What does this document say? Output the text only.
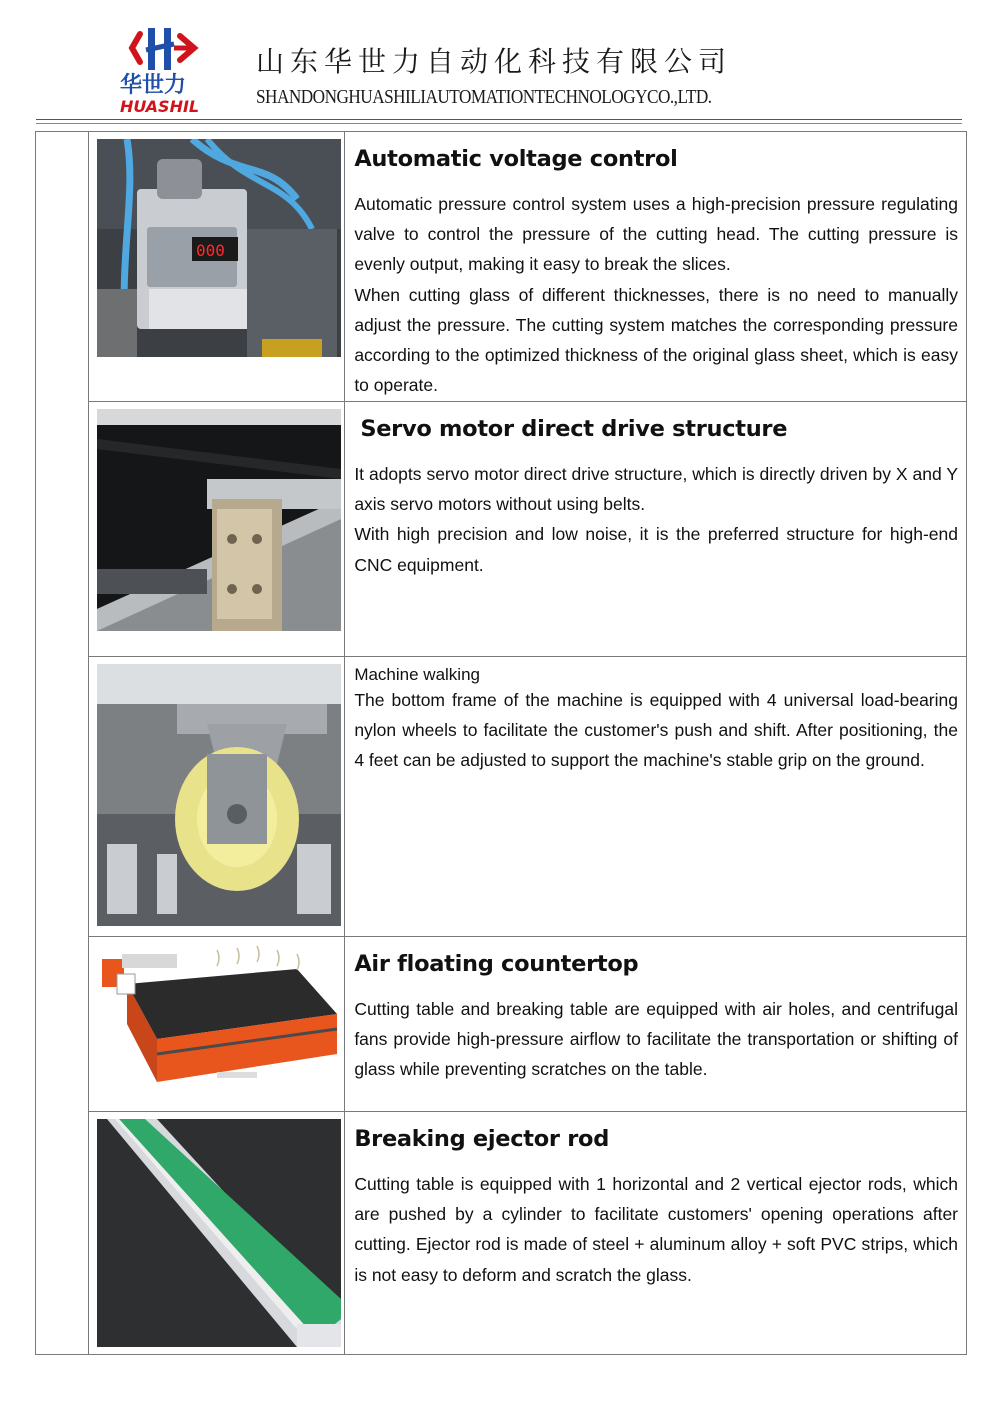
华世力
HUASHIL
山东华世力自动化科技有限公司
SHANDONGHUASHILIAUTOMATIONTECHNOLOGYCO.,LTD.

000	Automatic voltage control

Automatic pressure control system uses a high-precision pressure regulating valve to control the pressure of the cutting head. The cutting pressure is evenly output, making it easy to break the slices.

When cutting glass of different thicknesses, there is no need to manually adjust the pressure. The cutting system matches the corresponding pressure according to the optimized thickness of the original glass sheet, which is easy to operate.

Servo motor direct drive structure

It adopts servo motor direct drive structure, which is directly driven by X and Y axis servo motors without using belts.

With high precision and low noise, it is the preferred structure for high-end CNC equipment.

Machine walking

The bottom frame of the machine is equipped with 4 universal load-bearing nylon wheels to facilitate the customer's push and shift. After positioning, the 4 feet can be adjusted to support the machine's stable grip on the ground.

Air floating countertop

Cutting table and breaking table are equipped with air holes, and centrifugal fans provide high-pressure airflow to facilitate the transportation or shifting of glass while preventing scratches on the table.

Breaking ejector rod

Cutting table is equipped with 1 horizontal and 2 vertical ejector rods, which are pushed by a cylinder to facilitate customers' opening operations after cutting. Ejector rod is made of steel + aluminum alloy + soft PVC strips, which is not easy to deform and scratch the glass.
